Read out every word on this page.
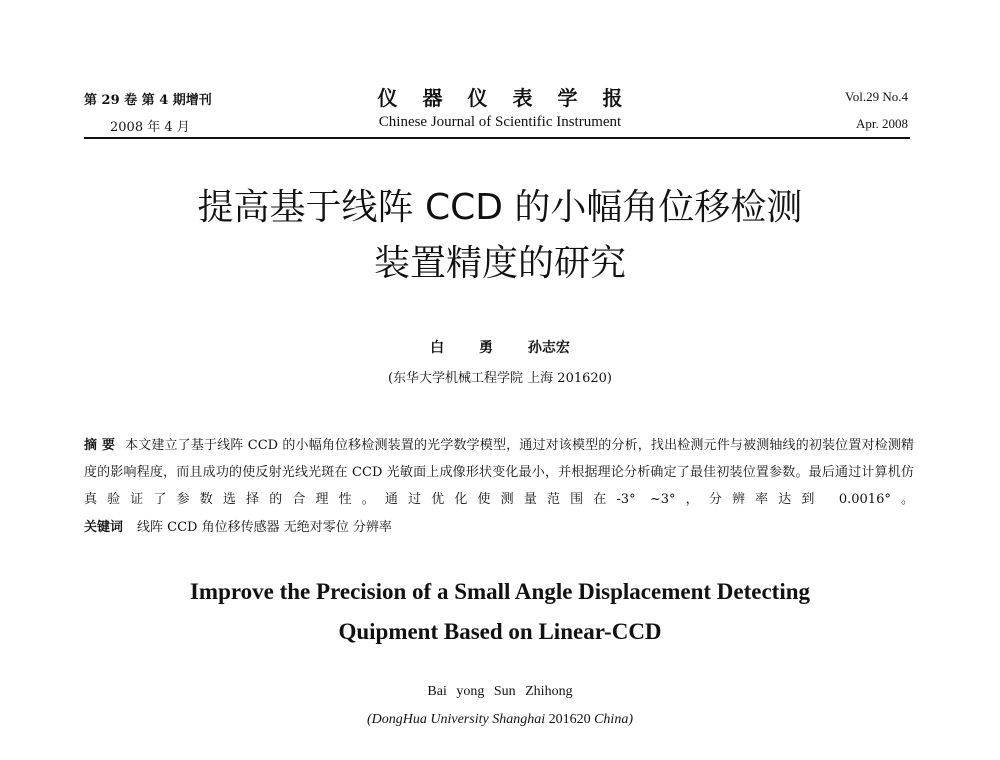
第 29 卷 第 4 期增刊
2008 年 4 月
仪器仪表学报
Chinese Journal of Scientific Instrument
Vol.29 No.4
Apr. 2008
提高基于线阵 CCD 的小幅角位移检测
装置精度的研究
白 勇 孙志宏
(东华大学机械工程学院 上海 201620)
摘 要 本文建立了基于线阵 CCD 的小幅角位移检测装置的光学数学模型，通过对该模型的分析，找出检测元件与被测轴线的初装位置对检测精度的影响程度，而且成功的使反射光线光斑在 CCD 光敏面上成像形状变化最小，并根据理论分析确定了最佳初装位置参数。最后通过计算机仿真验证了参数选择的合理性。通过优化使测量范围在-3° ~3°，分辨率达到 0.0016°。
关键词 线阵 CCD 角位移传感器 无绝对零位 分辨率
Improve the Precision of a Small Angle Displacement Detecting
Quipment Based on Linear-CCD
Bai yong Sun Zhihong
(DongHua University Shanghai 201620 China)
